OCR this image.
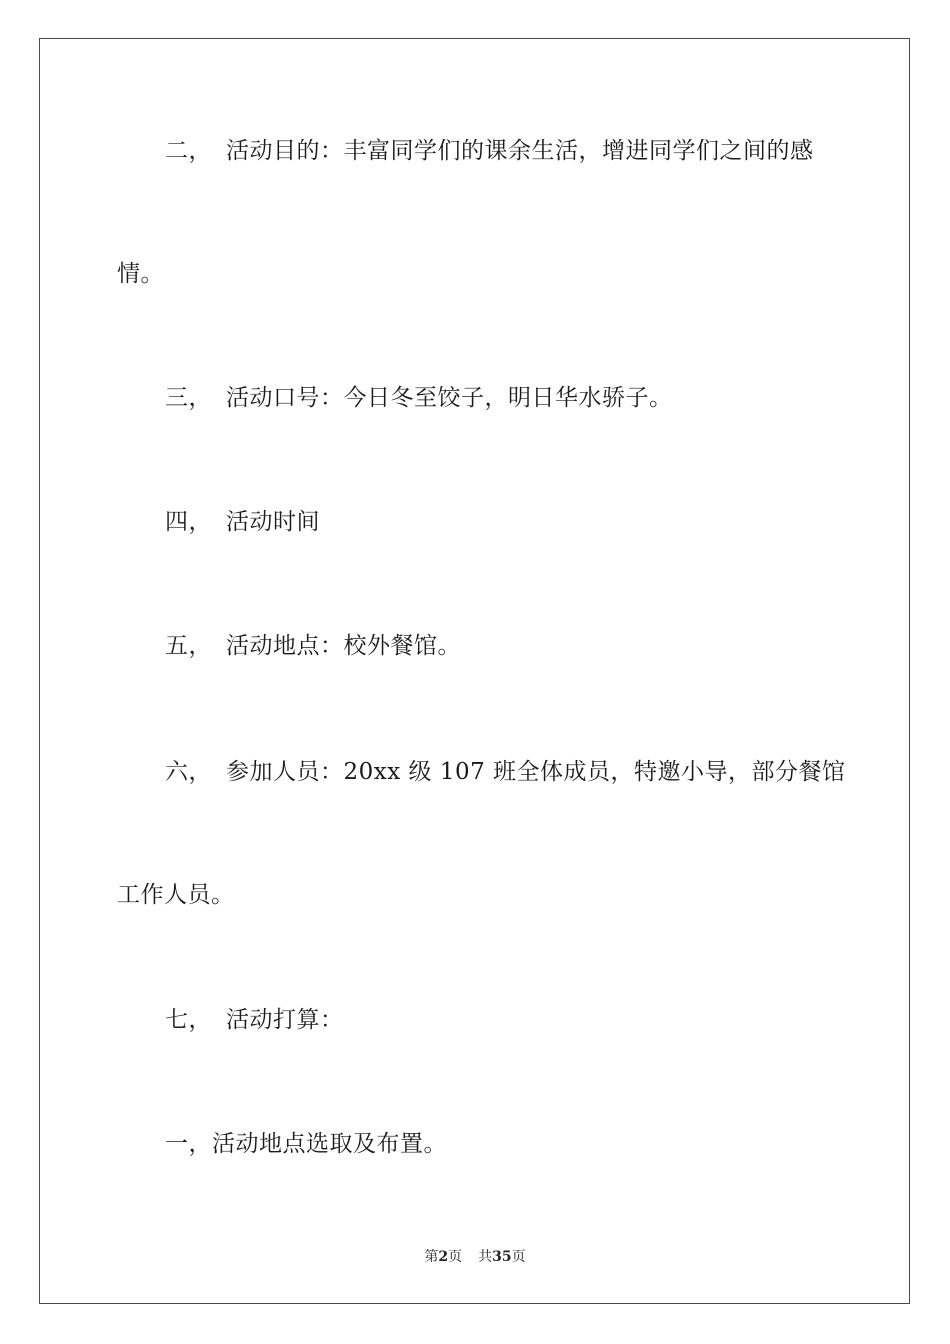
二， 活动目的：丰富同学们的课余生活，增进同学们之间的感
情。
三， 活动口号：今日冬至饺子，明日华水骄子。
四， 活动时间
五， 活动地点：校外餐馆。
六， 参加人员：20xx 级 107 班全体成员，特邀小导，部分餐馆
工作人员。
七， 活动打算：
一，活动地点选取及布置。
第2页 共35页
